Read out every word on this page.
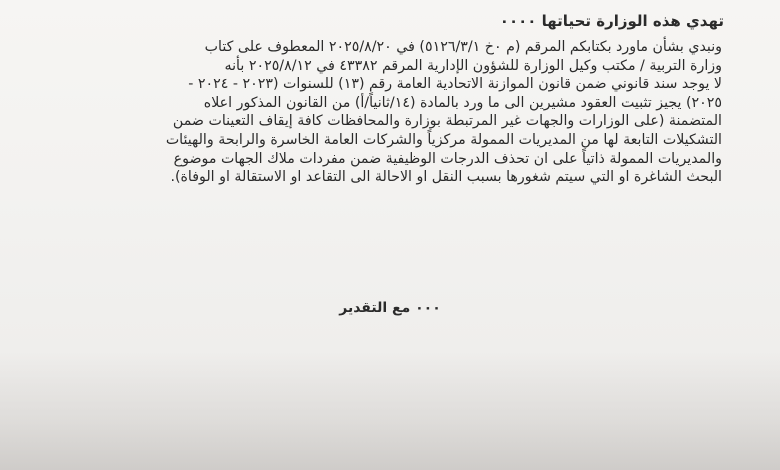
تهدي هذه الوزارة تحياتها ٠٠٠٠
ونبدي بشأن ماورد بكتابكم المرقم (م ٠خ ٥١٢٦/٣/١) في ٢٠٢٥/٨/٢٠ المعطوف على كتاب
وزارة التربية / مكتب وكيل الوزارة للشؤون الإدارية المرقم ٤٣٣٨٢ في ٢٠٢٥/٨/١٢ بأنه
لا يوجد سند قانوني ضمن قانون الموازنة الاتحادية العامة رقم (١٣) للسنوات (٢٠٢٣ - ٢٠٢٤ -
٢٠٢٥) يجيز تثبيت العقود مشيرين الى ما ورد بالمادة (١٤/ثانياً/أ) من القانون المذكور اعلاه
المتضمنة (على الوزارات والجهات غير المرتبطة بوزارة والمحافظات كافة إيقاف التعينات ضمن
التشكيلات التابعة لها من المديريات الممولة مركزياً والشركات العامة الخاسرة والرابحة والهيئات
والمديريات الممولة ذاتياً على ان تحذف الدرجات الوظيفية ضمن مفردات ملاك الجهات موضوع
البحث الشاغرة او التي سيتم شغورها بسبب النقل او الاحالة الى التقاعد او الاستقالة او الوفاة).
٠٠٠ مع التقدير
